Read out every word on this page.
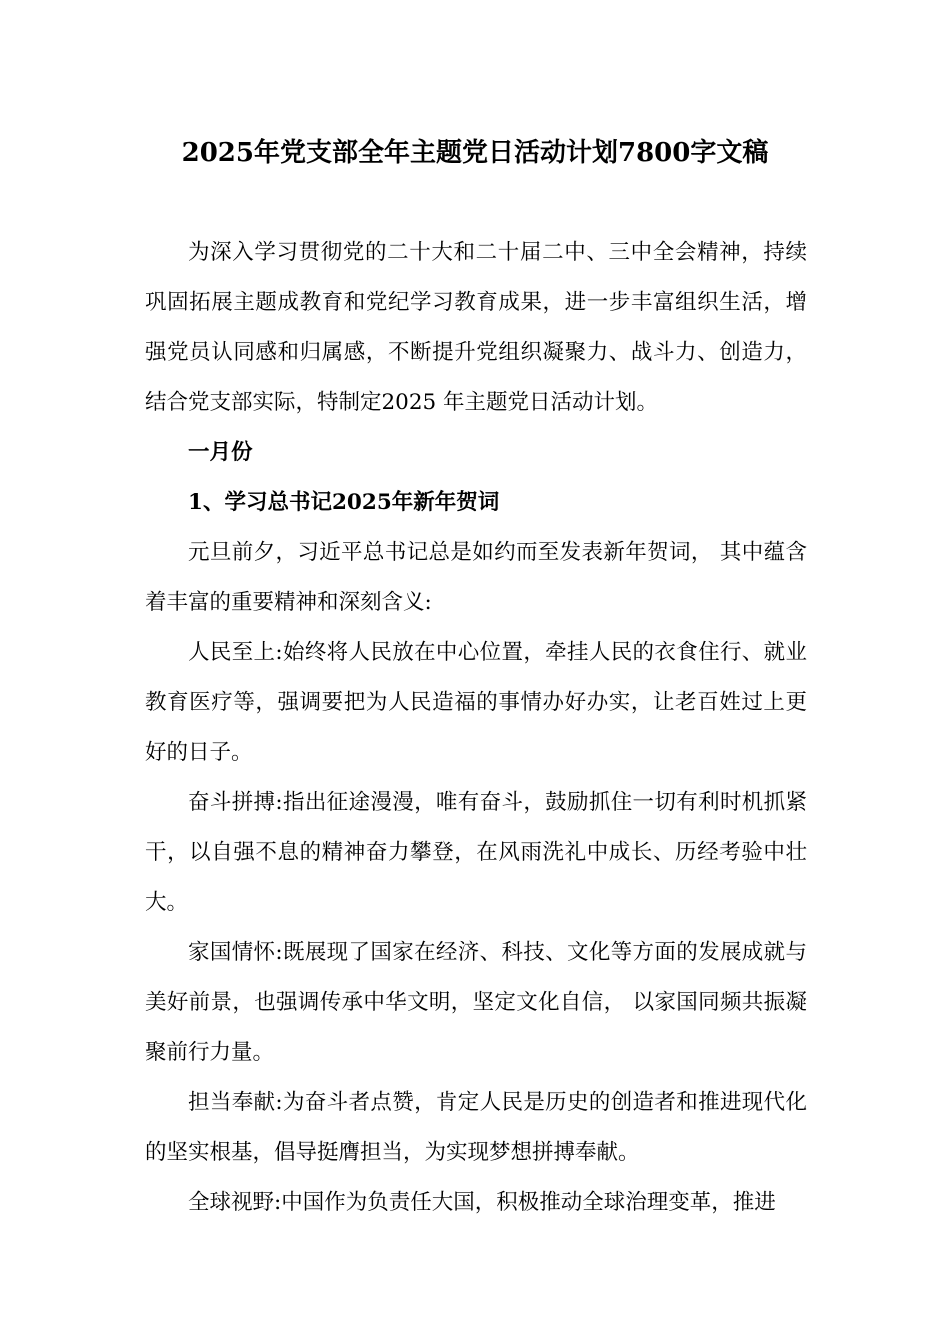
2025年党支部全年主题党日活动计划7800字文稿

为深入学习贯彻党的二十大和二十届二中、三中全会精神，持续巩固拓展主题成教育和党纪学习教育成果，进一步丰富组织生活，增强党员认同感和归属感，不断提升党组织凝聚力、战斗力、创造力，结合党支部实际，特制定2025 年主题党日活动计划。

一月份

1、学习总书记2025年新年贺词

元旦前夕，习近平总书记总是如约而至发表新年贺词， 其中蕴含着丰富的重要精神和深刻含义:

人民至上:始终将人民放在中心位置，牵挂人民的衣食住行、就业教育医疗等，强调要把为人民造福的事情办好办实，让老百姓过上更好的日子。

奋斗拼搏:指出征途漫漫，唯有奋斗，鼓励抓住一切有利时机抓紧干，以自强不息的精神奋力攀登，在风雨洗礼中成长、历经考验中壮大。

家国情怀:既展现了国家在经济、科技、文化等方面的发展成就与美好前景，也强调传承中华文明，坚定文化自信， 以家国同频共振凝聚前行力量。

担当奉献:为奋斗者点赞，肯定人民是历史的创造者和推进现代化的坚实根基，倡导挺膺担当，为实现梦想拼搏奉献。

全球视野:中国作为负责任大国，积极推动全球治理变革，推进
